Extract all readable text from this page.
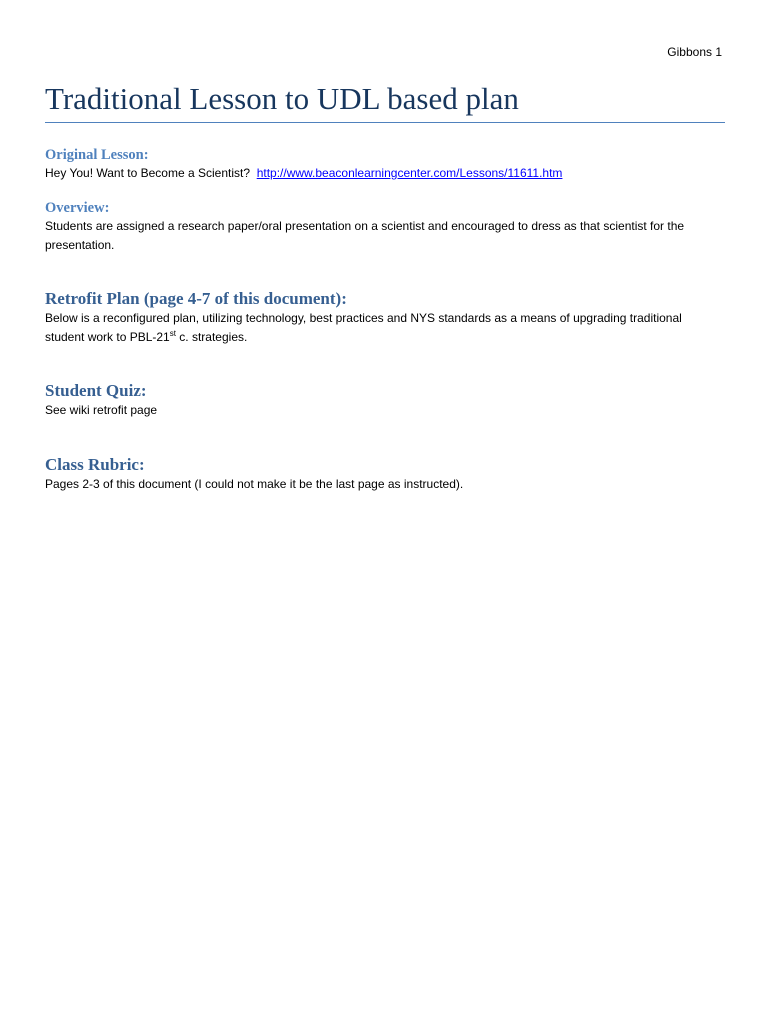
Gibbons 1
Traditional Lesson to UDL based plan

Original Lesson:

Hey You! Want to Become a Scientist? http://www.beaconlearningcenter.com/Lessons/11611.htm

Overview:

Students are assigned a research paper/oral presentation on a scientist and encouraged to dress as that scientist for the

presentation.

Retrofit Plan (page 4-7 of this document):

Below is a reconfigured plan, utilizing technology, best practices and NYS standards as a means of upgrading traditional

student work to PBL-21st c. strategies.

Student Quiz:

See wiki retrofit page

Class Rubric:

Pages 2-3 of this document (I could not make it be the last page as instructed).
